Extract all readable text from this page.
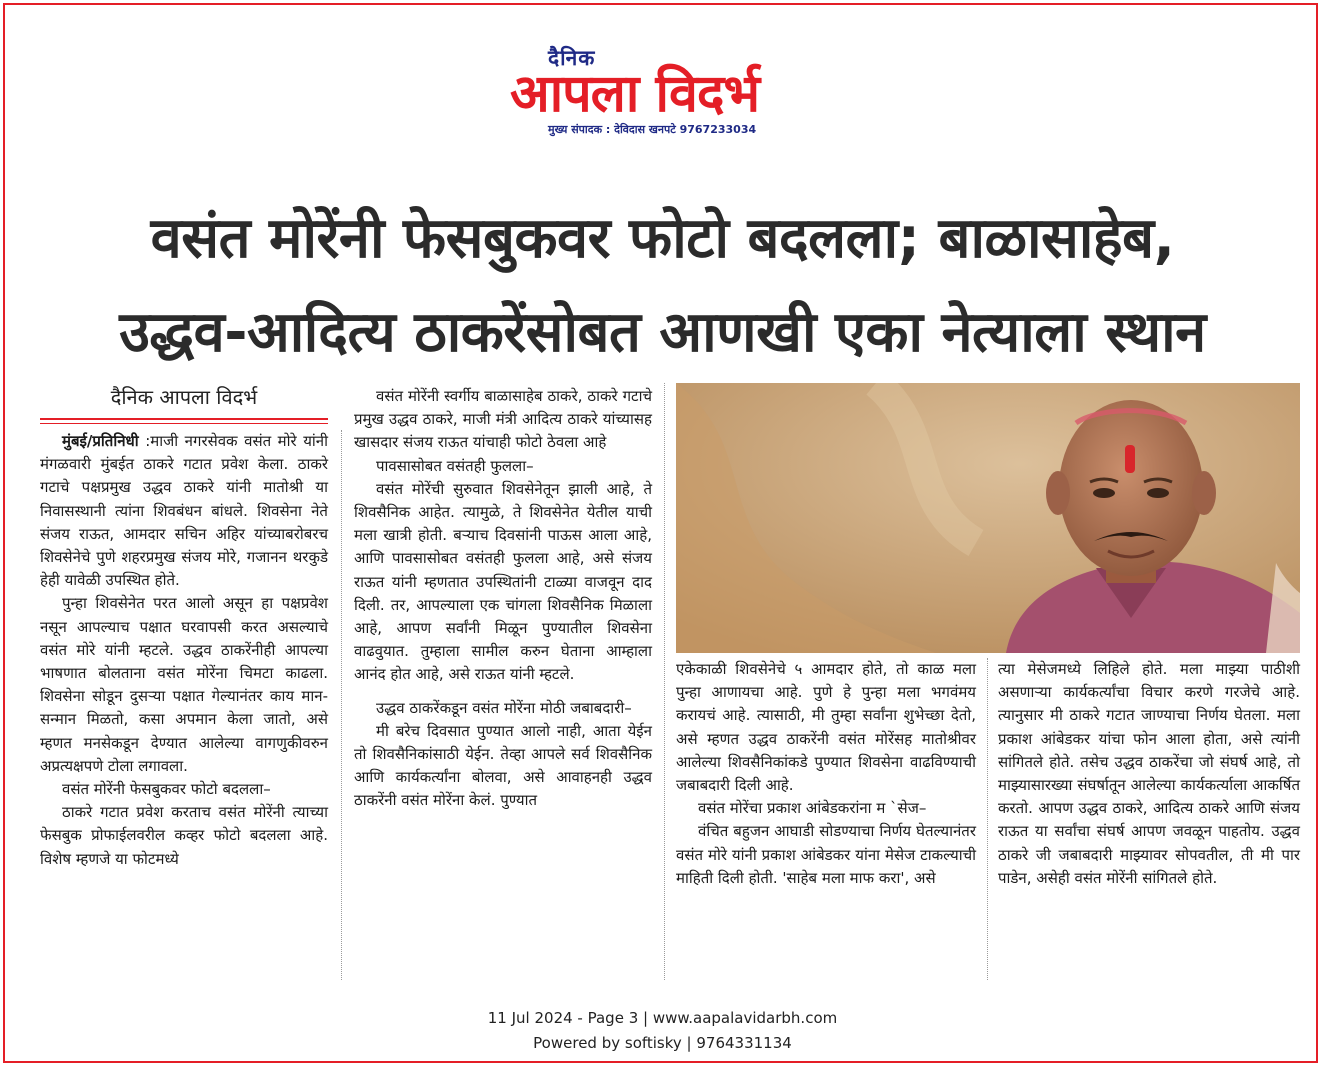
दैनिक
आपला विदर्भ
मुख्य संपादक : देविदास खनपटे 9767233034
वसंत मोरेंनी फेसबुकवर फोटो बदलला; बाळासाहेब,
उद्धव-आदित्य ठाकरेंसोबत आणखी एका नेत्याला स्थान
दैनिक आपला विदर्भ

मुंबई/प्रतिनिधी :माजी नगरसेवक वसंत मोरे यांनी मंगळवारी मुंबईत ठाकरे गटात प्रवेश केला. ठाकरे गटाचे पक्षप्रमुख उद्धव ठाकरे यांनी मातोश्री या निवासस्थानी त्यांना शिवबंधन बांधले. शिवसेना नेते संजय राऊत, आमदार सचिन अहिर यांच्याबरोबरच शिवसेनेचे पुणे शहरप्रमुख संजय मोरे, गजानन थरकुडे हेही यावेळी उपस्थित होते.

पुन्हा शिवसेनेत परत आलो असून हा पक्षप्रवेश नसून आपल्याच पक्षात घरवापसी करत असल्याचे वसंत मोरे यांनी म्हटले. उद्धव ठाकरेंनीही आपल्या भाषणात बोलताना वसंत मोरेंना चिमटा काढला. शिवसेना सोडून दुसऱ्या पक्षात गेल्यानंतर काय मान-सन्मान मिळतो, कसा अपमान केला जातो, असे म्हणत मनसेकडून देण्यात आलेल्या वागणुकीवरुन अप्रत्यक्षपणे टोला लगावला.

वसंत मोरेंनी फेसबुकवर फोटो बदलला–

ठाकरे गटात प्रवेश करताच वसंत मोरेंनी त्याच्या फेसबुक प्रोफाईलवरील कव्हर फोटो बदलला आहे. विशेष म्हणजे या फोटमध्ये

वसंत मोरेंनी स्वर्गीय बाळासाहेब ठाकरे, ठाकरे गटाचे प्रमुख उद्धव ठाकरे, माजी मंत्री आदित्य ठाकरे यांच्यासह खासदार संजय राऊत यांचाही फोटो ठेवला आहे

पावसासोबत वसंतही फुलला–

वसंत मोरेंची सुरुवात शिवसेनेतून झाली आहे, ते शिवसैनिक आहेत. त्यामुळे, ते शिवसेनेत येतील याची मला खात्री होती. बऱ्याच दिवसांनी पाऊस आला आहे, आणि पावसासोबत वसंतही फुलला आहे, असे संजय राऊत यांनी म्हणतात उपस्थितांनी टाळ्या वाजवून दाद दिली. तर, आपल्याला एक चांगला शिवसैनिक मिळाला आहे, आपण सर्वांनी मिळून पुण्यातील शिवसेना वाढवुयात. तुम्हाला सामील करुन घेताना आम्हाला आनंद होत आहे, असे राऊत यांनी म्हटले.

उद्धव ठाकरेंकडून वसंत मोरेंना मोठी जबाबदारी–

मी बरेच दिवसात पुण्यात आलो नाही, आता येईन तो शिवसैनिकांसाठी येईन. तेव्हा आपले सर्व शिवसैनिक आणि कार्यकर्त्यांना बोलवा, असे आवाहनही उद्धव ठाकरेंनी वसंत मोरेंना केलं. पुण्यात

एकेकाळी शिवसेनेचे ५ आमदार होते, तो काळ मला पुन्हा आणायचा आहे. पुणे हे पुन्हा मला भगवंमय करायचं आहे. त्यासाठी, मी तुम्हा सर्वांना शुभेच्छा देतो, असे म्हणत उद्धव ठाकरेंनी वसंत मोरेंसह मातोश्रीवर आलेल्या शिवसैनिकांकडे पुण्यात शिवसेना वाढविण्याची जबाबदारी दिली आहे.

वसंत मोरेंचा प्रकाश आंबेडकरांना म `सेज–

वंचित बहुजन आघाडी सोडण्याचा निर्णय घेतल्यानंतर वसंत मोरे यांनी प्रकाश आंबेडकर यांना मेसेज टाकल्याची माहिती दिली होती. 'साहेब मला माफ करा', असे

त्या मेसेजमध्ये लिहिले होते. मला माझ्या पाठीशी असणाऱ्या कार्यकर्त्यांचा विचार करणे गरजेचे आहे. त्यानुसार मी ठाकरे गटात जाण्याचा निर्णय घेतला. मला प्रकाश आंबेडकर यांचा फोन आला होता, असे त्यांनी सांगितले होते. तसेच उद्धव ठाकरेंचा जो संघर्ष आहे, तो माझ्यासारख्या संघर्षातून आलेल्या कार्यकर्त्याला आकर्षित करतो. आपण उद्धव ठाकरे, आदित्य ठाकरे आणि संजय राऊत या सर्वांचा संघर्ष आपण जवळून पाहतोय. उद्धव ठाकरे जी जबाबदारी माझ्यावर सोपवतील, ती मी पार पाडेन, असेही वसंत मोरेंनी सांगितले होते.

11 Jul 2024 - Page 3 | www.aapalavidarbh.com
Powered by softisky | 9764331134
